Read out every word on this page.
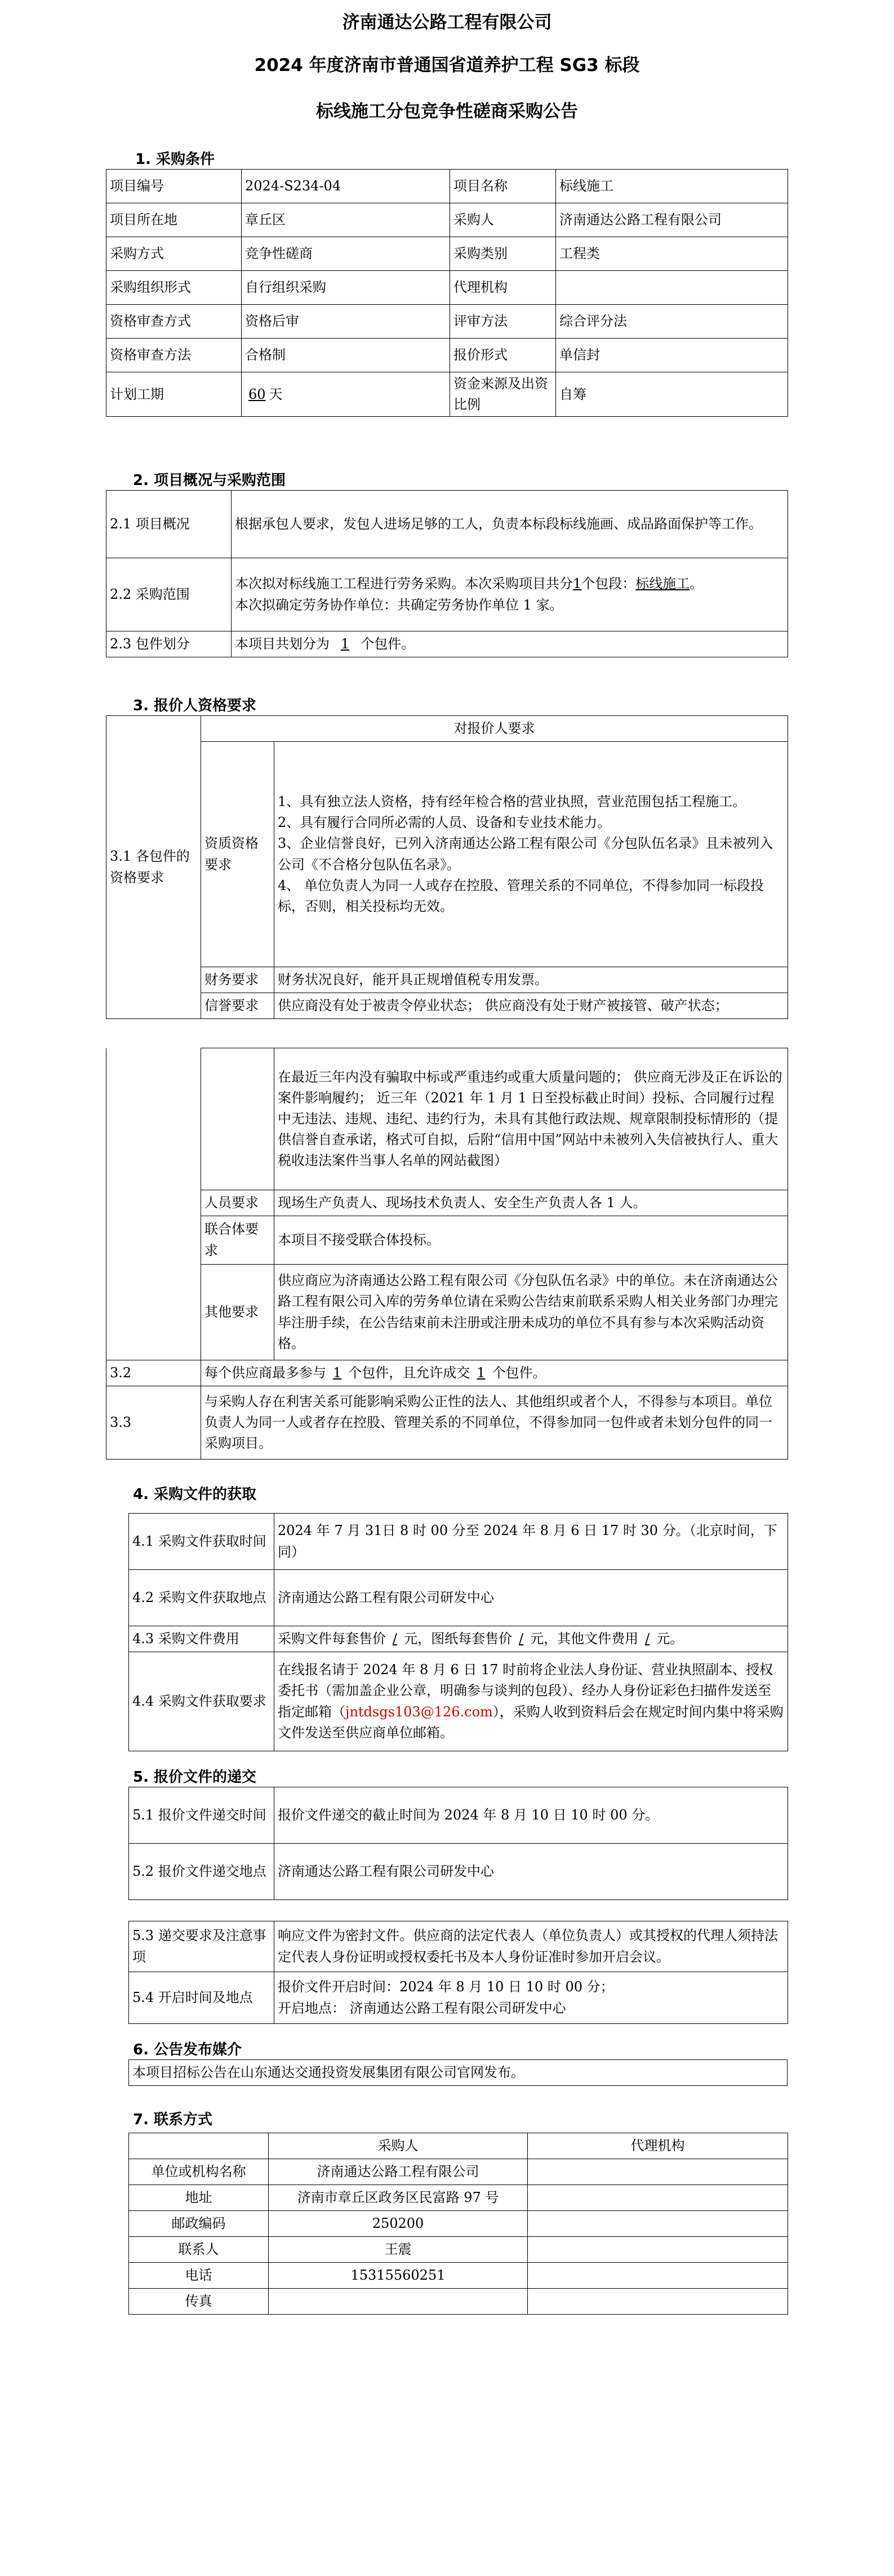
济南通达公路工程有限公司
2024 年度济南市普通国省道养护工程 SG3 标段
标线施工分包竞争性磋商采购公告
1. 采购条件
项目编号	2024-S234-04	项目名称	标线施工
项目所在地	章丘区	采购人	济南通达公路工程有限公司
采购方式	竞争性磋商	采购类别	工程类
采购组织形式	自行组织采购	代理机构	
资格审查方式	资格后审	评审方法	综合评分法
资格审查方法	合格制	报价形式	单信封
计划工期	60 天	资金来源及出资比例	自筹
2. 项目概况与采购范围
2.1 项目概况	根据承包人要求，发包人进场足够的工人，负责本标段标线施画、成品路面保护等工作。
2.2 采购范围	本次拟对标线施工工程进行劳务采购。本次采购项目共分1个包段：标线施工。
本次拟确定劳务协作单位：共确定劳务协作单位 1 家。

2.3 包件划分	本项目共划分为 1 个包件。
3. 报价人资格要求
3.1 各包件的资格要求	对报价人要求	
	资质资格要求	1、具有独立法人资格，持有经年检合格的营业执照，营业范围包括工程施工。
2、具有履行合同所必需的人员、设备和专业技术能力。
3、企业信誉良好，已列入济南通达公路工程有限公司《分包队伍名录》且未被列入公司《不合格分包队伍名录》。
4、 单位负责人为同一人或存在控股、管理关系的不同单位，不得参加同一标段投标，否则，相关投标均无效。

	财务要求	财务状况良好，能开具正规增值税专用发票。
	信誉要求	供应商没有处于被责令停业状态； 供应商没有处于财产被接管、破产状态；
		在最近三年内没有骗取中标或严重违约或重大质量问题的； 供应商无涉及正在诉讼的案件影响履约； 近三年（2021 年 1 月 1 日至投标截止时间）投标、合同履行过程中无违法、违规、违纪、违约行为，未具有其他行政法规、规章限制投标情形的（提供信誉自查承诺，格式可自拟，后附“信用中国”网站中未被列入失信被执行人、重大税收违法案件当事人名单的网站截图）
	人员要求	现场生产负责人、现场技术负责人、安全生产负责人各 1 人。
	联合体要求	本项目不接受联合体投标。
	其他要求	供应商应为济南通达公路工程有限公司《分包队伍名录》中的单位。未在济南通达公路工程有限公司入库的劳务单位请在采购公告结束前联系采购人相关业务部门办理完毕注册手续，在公告结束前未注册或注册未成功的单位不具有参与本次采购活动资格。
3.2	每个供应商最多参与 1 个包件，且允许成交 1 个包件。	
3.3	与采购人存在利害关系可能影响采购公正性的法人、其他组织或者个人，不得参与本项目。单位负责人为同一人或者存在控股、管理关系的不同单位，不得参加同一包件或者未划分包件的同一采购项目。	
4. 采购文件的获取
4.1 采购文件获取时间	2024 年 7 月 31日 8 时 00 分至 2024 年 8 月 6 日 17 时 30 分。（北京时间，下同）
4.2 采购文件获取地点	济南通达公路工程有限公司研发中心
4.3 采购文件费用	采购文件每套售价 / 元，图纸每套售价 / 元，其他文件费用 / 元。
4.4 采购文件获取要求	在线报名请于 2024 年 8 月 6 日 17 时前将企业法人身份证、营业执照副本、授权委托书（需加盖企业公章，明确参与谈判的包段）、经办人身份证彩色扫描件发送至指定邮箱（jntdsgs103@126.com），采购人收到资料后会在规定时间内集中将采购文件发送至供应商单位邮箱。
5. 报价文件的递交
5.1 报价文件递交时间	报价文件递交的截止时间为 2024 年 8 月 10 日 10 时 00 分。
5.2 报价文件递交地点	济南通达公路工程有限公司研发中心
5.3 递交要求及注意事项	响应文件为密封文件。供应商的法定代表人（单位负责人）或其授权的代理人须持法定代表人身份证明或授权委托书及本人身份证准时参加开启会议。
5.4 开启时间及地点	报价文件开启时间：2024 年 8 月 10 日 10 时 00 分；
开启地点： 济南通达公路工程有限公司研发中心
6. 公告发布媒介
本项目招标公告在山东通达交通投资发展集团有限公司官网发布。
7. 联系方式
	采购人	代理机构
单位或机构名称	济南通达公路工程有限公司	
地址	济南市章丘区政务区民富路 97 号	
邮政编码	250200	
联系人	王震	
电话	15315560251	
传真		
